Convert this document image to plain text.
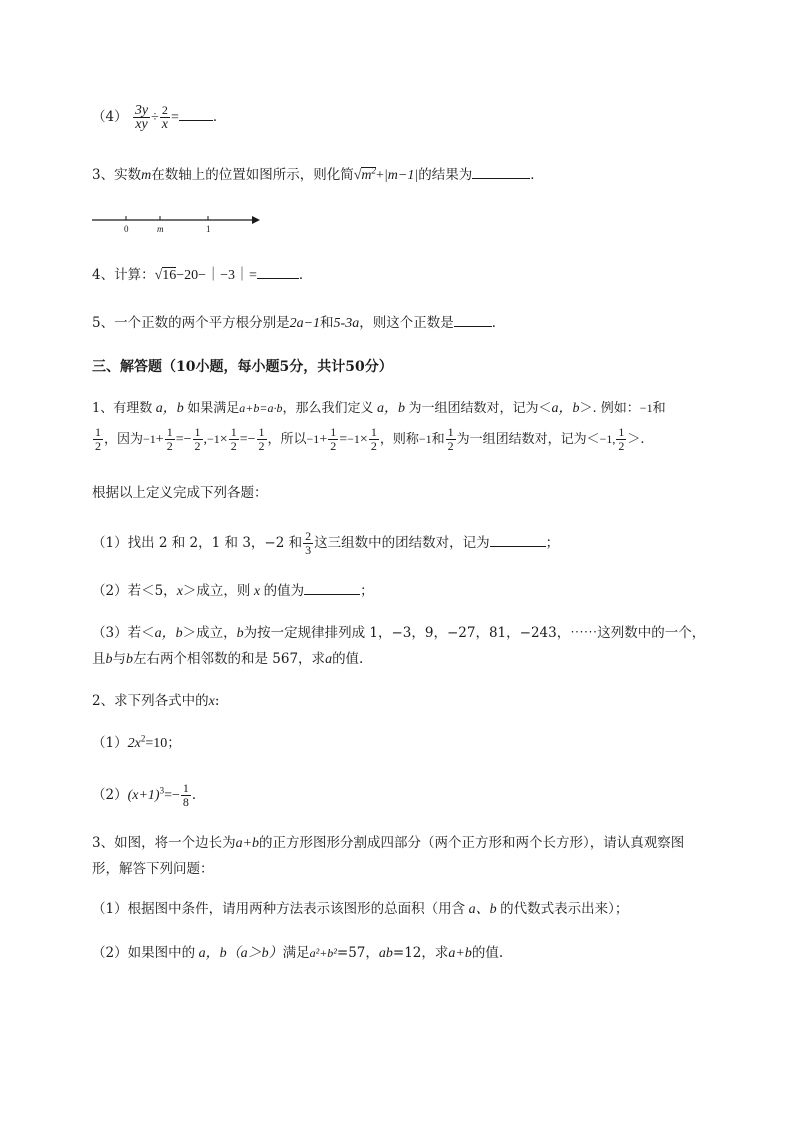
$(4) \frac{3y}{xy} \div \frac{2}{x}$ =	．
3、实数m在数轴上的位置如图所示，则化简$√m^2+|m-1|$的结果为	．
0	m	1
4、计算：√16−20−｜−3｜=	．
5、一个正数的两个平方根分别是2a−1和5-3a，则这个正数是	．
三、解答题（10小题，每小题5分，共计50分）
1、有理数 a，b 如果满足a+b=a·b，那么我们定义 a，b 为一组团结数对，记为＜a，b＞. 例如：−1和
$\frac{1}{2}$ ，因为$-1+ \frac{1}{2} =- \frac{1}{2} ,-1\times \frac{1}{2} =- \frac{1}{2}$ ，所以$-1+ \frac{1}{2} =-1\times \frac{1}{2}$ ，则称−1和 $\frac{1}{2}$ 为一组团结数对，记为＜−1, $\frac{1}{2}$ ＞.
根据以上定义完成下列各题：
（1）找出 2 和 2，1 和 3，−2 和 $\frac{2}{3}$ 这三组数中的团结数对，记为	；
（2）若＜5，x＞成立，则 x 的值为	；
（3）若＜a，b＞成立，b为按一定规律排列成 1，−3，9，−27，81，−243，⋯⋯这列数中的一个，
且b与b左右两个相邻数的和是 567，求a的值.
2、求下列各式中的x:
$(1)2x^2=10$；
$(2)(x+1)^3=- \frac{1}{8}$ ．
3、如图，将一个边长为a+b的正方形图形分割成四部分（两个正方形和两个长方形），请认真观察图
形，解答下列问题：
（1）根据图中条件，请用两种方法表示该图形的总面积（用含 a、b 的代数式表示出来）；
（2）如果图中的 a，b（a＞b）满足a²+b²=57，ab=12，求a+b的值.
